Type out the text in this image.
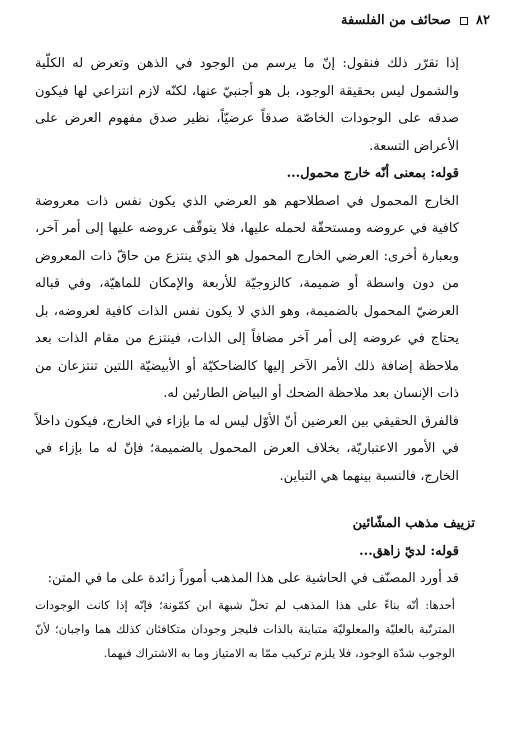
٨٢  صحائف من الفلسفة

إذا تقرّر ذلك فنقول: إنّ ما يرسم من الوجود في الذهن وتعرض له الكلّية والشمول ليس بحقيقة الوجود، بل هو أجنبيّ عنها، لكنّه لازم انتزاعي لها فيكون صدقه على الوجودات الخاصّة صدقاً عرضيّاً، نظير صدق مفهوم العرض على الأعراض التسعة.

قوله: بمعنى أنّه خارج محمول...

الخارج المحمول في اصطلاحهم هو العرضي الذي يكون نفس ذات معروضة كافية في عروضه ومستحقّة لحمله عليها، فلا يتوقّف عروضه عليها إلى أمر آخر، وبعبارة أخرى: العرضي الخارج المحمول هو الذي ينتزع من حاقّ ذات المعروض من دون واسطة أو ضميمة، كالزوجيّة للأربعة والإمكان للماهيّة، وفي قباله العرضيّ المحمول بالضميمة، وهو الذي لا يكون نفس الذات كافية لعروضه، بل يحتاج في عروضه إلى أمر آخر مضافاً إلى الذات، فينتزع من مقام الذات بعد ملاحظة إضافة ذلك الأمر الآخر إليها كالضاحكيّة أو الأبيضيّة اللتين تنتزعان من ذات الإنسان بعد ملاحظة الضحك أو البياض الطارئين له.

فالفرق الحقيقي بين العرضين أنّ الأوّل ليس له ما بإزاء في الخارج، فيكون داخلاً في الأمور الاعتباريّة، بخلاف العرض المحمول بالضميمة؛ فإنّ له ما بإزاء في الخارج، فالنسبة بينهما هي التباين.

تزييف مذهب المشّائين

قوله: لديّ زاهق...

قد أورد المصنّف في الحاشية على هذا المذهب أموراً زائدة على ما في المتن:

أحدها: أنّه بناءً على هذا المذهب لم تحلّ شبهة ابن كمّونة؛ فإنّه إذا كانت الوجودات المترتّبة بالعليّة والمعلوليّة متباينة بالذات فليجز وجودان متكافئان كذلك هما واجبان؛ لأنّ الوجوب شدّة الوجود، فلا يلزم تركيب ممّا به الامتياز وما به الاشتراك فيهما.
